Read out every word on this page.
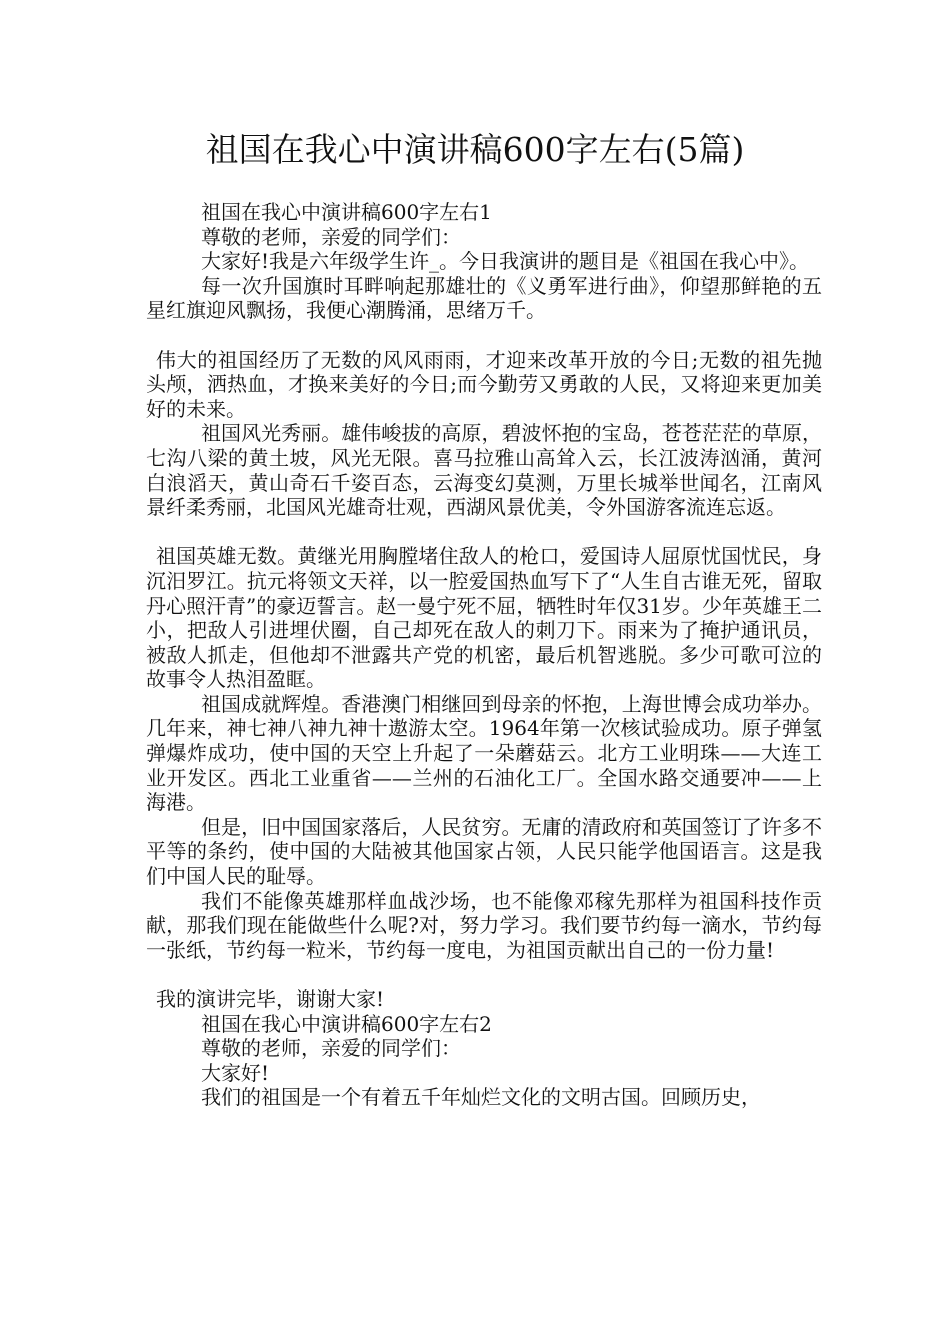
祖国在我心中演讲稿600字左右(5篇)

祖国在我心中演讲稿600字左右1

尊敬的老师，亲爱的同学们：

大家好!我是六年级学生许_。今日我演讲的题目是《祖国在我心中》。

每一次升国旗时耳畔响起那雄壮的《义勇军进行曲》，仰望那鲜艳的五星红旗迎风飘扬，我便心潮腾涌，思绪万千。

伟大的祖国经历了无数的风风雨雨，才迎来改革开放的今日;无数的祖先抛头颅，洒热血，才换来美好的今日;而今勤劳又勇敢的人民，又将迎来更加美好的未来。

祖国风光秀丽。雄伟峻拔的高原，碧波怀抱的宝岛，苍苍茫茫的草原，七沟八梁的黄土坡，风光无限。喜马拉雅山高耸入云，长江波涛汹涌，黄河白浪滔天，黄山奇石千姿百态，云海变幻莫测，万里长城举世闻名，江南风景纤柔秀丽，北国风光雄奇壮观，西湖风景优美，令外国游客流连忘返。

祖国英雄无数。黄继光用胸膛堵住敌人的枪口，爱国诗人屈原忧国忧民，身沉汨罗江。抗元将领文天祥，以一腔爱国热血写下了“人生自古谁无死，留取丹心照汗青”的豪迈誓言。赵一曼宁死不屈，牺牲时年仅31岁。少年英雄王二小，把敌人引进埋伏圈，自己却死在敌人的刺刀下。雨来为了掩护通讯员，被敌人抓走，但他却不泄露共产党的机密，最后机智逃脱。多少可歌可泣的故事令人热泪盈眶。

祖国成就辉煌。香港澳门相继回到母亲的怀抱，上海世博会成功举办。几年来，神七神八神九神十遨游太空。1964年第一次核试验成功。原子弹氢弹爆炸成功，使中国的天空上升起了一朵蘑菇云。北方工业明珠——大连工业开发区。西北工业重省——兰州的石油化工厂。全国水路交通要冲——上海港。

但是，旧中国国家落后，人民贫穷。无庸的清政府和英国签订了许多不平等的条约，使中国的大陆被其他国家占领，人民只能学他国语言。这是我们中国人民的耻辱。

我们不能像英雄那样血战沙场，也不能像邓稼先那样为祖国科技作贡献，那我们现在能做些什么呢?对，努力学习。我们要节约每一滴水，节约每一张纸，节约每一粒米，节约每一度电，为祖国贡献出自己的一份力量!

我的演讲完毕，谢谢大家!

祖国在我心中演讲稿600字左右2

尊敬的老师，亲爱的同学们：

大家好!

我们的祖国是一个有着五千年灿烂文化的文明古国。回顾历史，
